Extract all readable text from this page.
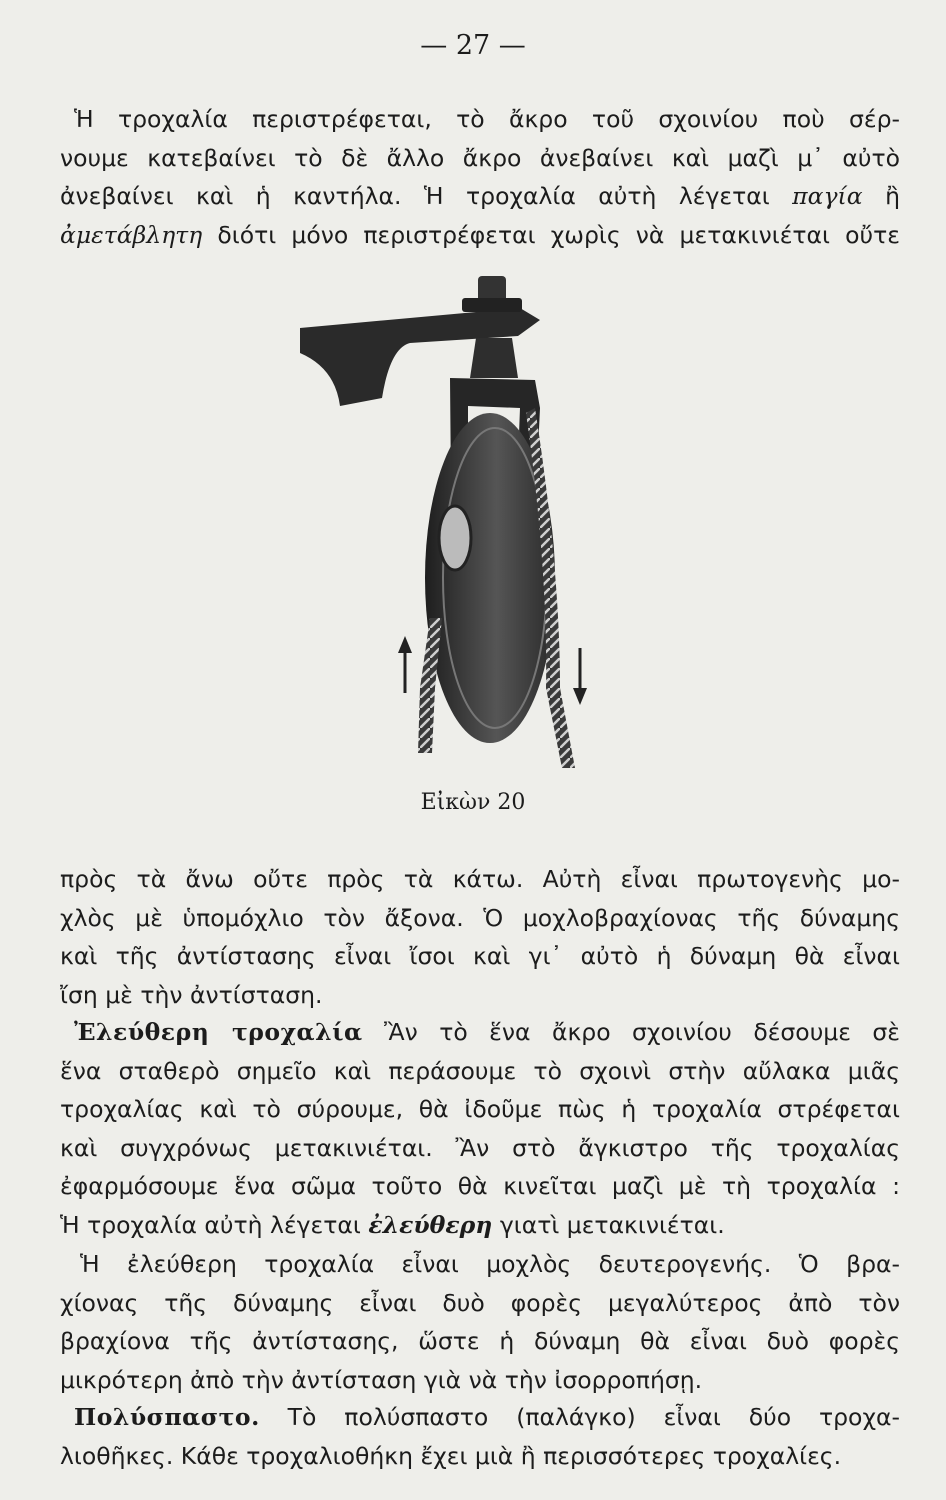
— 27 —
Ἡ τροχαλία περιστρέφεται, τὸ ἄκρο τοῦ σχοινίου ποὺ σέρ-
νουμε κατεβαίνει τὸ δὲ ἄλλο ἄκρο ἀνεβαίνει καὶ μαζὶ μ᾽ αὐτὸ
ἀνεβαίνει καὶ ἡ καντήλα. Ἡ τροχαλία αὐτὴ λέγεται παγία ἢ
ἀμετάβλητη διότι μόνο περιστρέφεται χωρὶς νὰ μετακινιέται οὔτε
Εἰκὼν 20
πρὸς τὰ ἄνω οὔτε πρὸς τὰ κάτω. Αὐτὴ εἶναι πρωτογενὴς μο-
χλὸς μὲ ὑπομόχλιο τὸν ἄξονα. Ὁ μοχλοβραχίονας τῆς δύναμης
καὶ τῆς ἀντίστασης εἶναι ἴσοι καὶ γι᾽ αὐτὸ ἡ δύναμη θὰ εἶναι
ἴση μὲ τὴν ἀντίσταση.
Ἐλεύθερη τροχαλία Ἂν τὸ ἕνα ἄκρο σχοινίου δέσουμε σὲ
ἕνα σταθερὸ σημεῖο καὶ περάσουμε τὸ σχοινὶ στὴν αὔλακα μιᾶς
τροχαλίας καὶ τὸ σύρουμε, θὰ ἰδοῦμε πὼς ἡ τροχαλία στρέφεται
καὶ συγχρόνως μετακινιέται. Ἂν στὸ ἄγκιστρο τῆς τροχαλίας
ἐφαρμόσουμε ἕνα σῶμα τοῦτο θὰ κινεῖται μαζὶ μὲ τὴ τροχαλία :
Ἡ τροχαλία αὐτὴ λέγεται ἐλεύθερη γιατὶ μετακινιέται.
Ἡ ἐλεύθερη τροχαλία εἶναι μοχλὸς δευτερογενής. Ὁ βρα-
χίονας τῆς δύναμης εἶναι δυὸ φορὲς μεγαλύτερος ἀπὸ τὸν
βραχίονα τῆς ἀντίστασης, ὥστε ἡ δύναμη θὰ εἶναι δυὸ φορὲς
μικρότερη ἀπὸ τὴν ἀντίσταση γιὰ νὰ τὴν ἰσορροπήσῃ.
Πολύσπαστο. Τὸ πολύσπαστο (παλάγκο) εἶναι δύο τροχα-
λιοθῆκες. Κάθε τροχαλιοθήκη ἔχει μιὰ ἢ περισσότερες τροχαλίες.
